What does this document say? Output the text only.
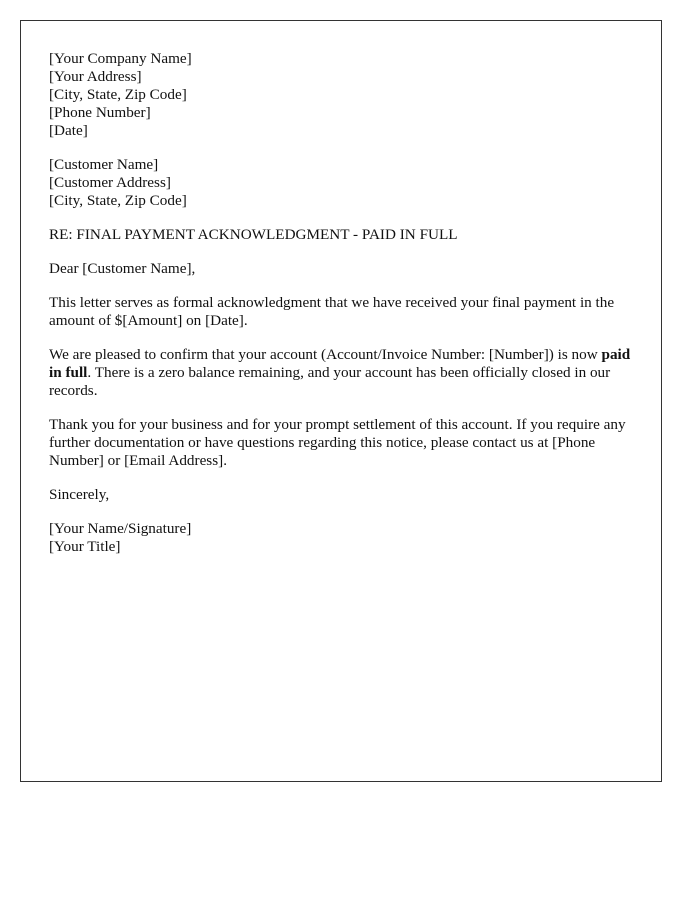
[Your Company Name]
[Your Address]
[City, State, Zip Code]
[Phone Number]
[Date]
[Customer Name]
[Customer Address]
[City, State, Zip Code]

RE: FINAL PAYMENT ACKNOWLEDGMENT - PAID IN FULL

Dear [Customer Name],

This letter serves as formal acknowledgment that we have received your final payment in the amount of $[Amount] on [Date].

We are pleased to confirm that your account (Account/Invoice Number: [Number]) is now paid in full. There is a zero balance remaining, and your account has been officially closed in our records.

Thank you for your business and for your prompt settlement of this account. If you require any further documentation or have questions regarding this notice, please contact us at [Phone Number] or [Email Address].

Sincerely,

[Your Name/Signature]
[Your Title]
